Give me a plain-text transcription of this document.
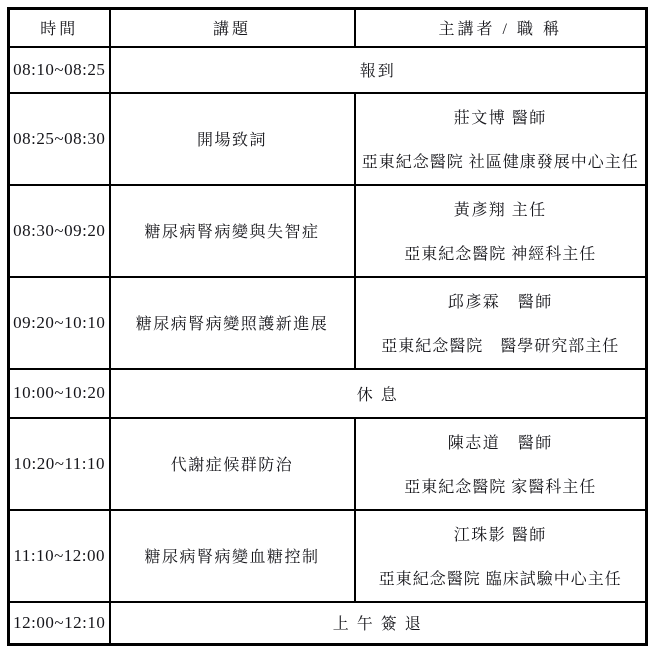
時間	講題	主講者 / 職 稱
08:10~08:25	報到	
08:25~08:30	開場致詞	莊文博 醫師
亞東紀念醫院 社區健康發展中心主任

08:30~09:20	糖尿病腎病變與失智症	黃彥翔 主任
亞東紀念醫院 神經科主任

09:20~10:10	糖尿病腎病變照護新進展	邱彥霖　醫師
亞東紀念醫院　醫學研究部主任

10:00~10:20	休 息	
10:20~11:10	代謝症候群防治	陳志道　醫師
亞東紀念醫院 家醫科主任

11:10~12:00	糖尿病腎病變血糖控制	江珠影 醫師
亞東紀念醫院 臨床試驗中心主任

12:00~12:10	上 午 簽 退	
